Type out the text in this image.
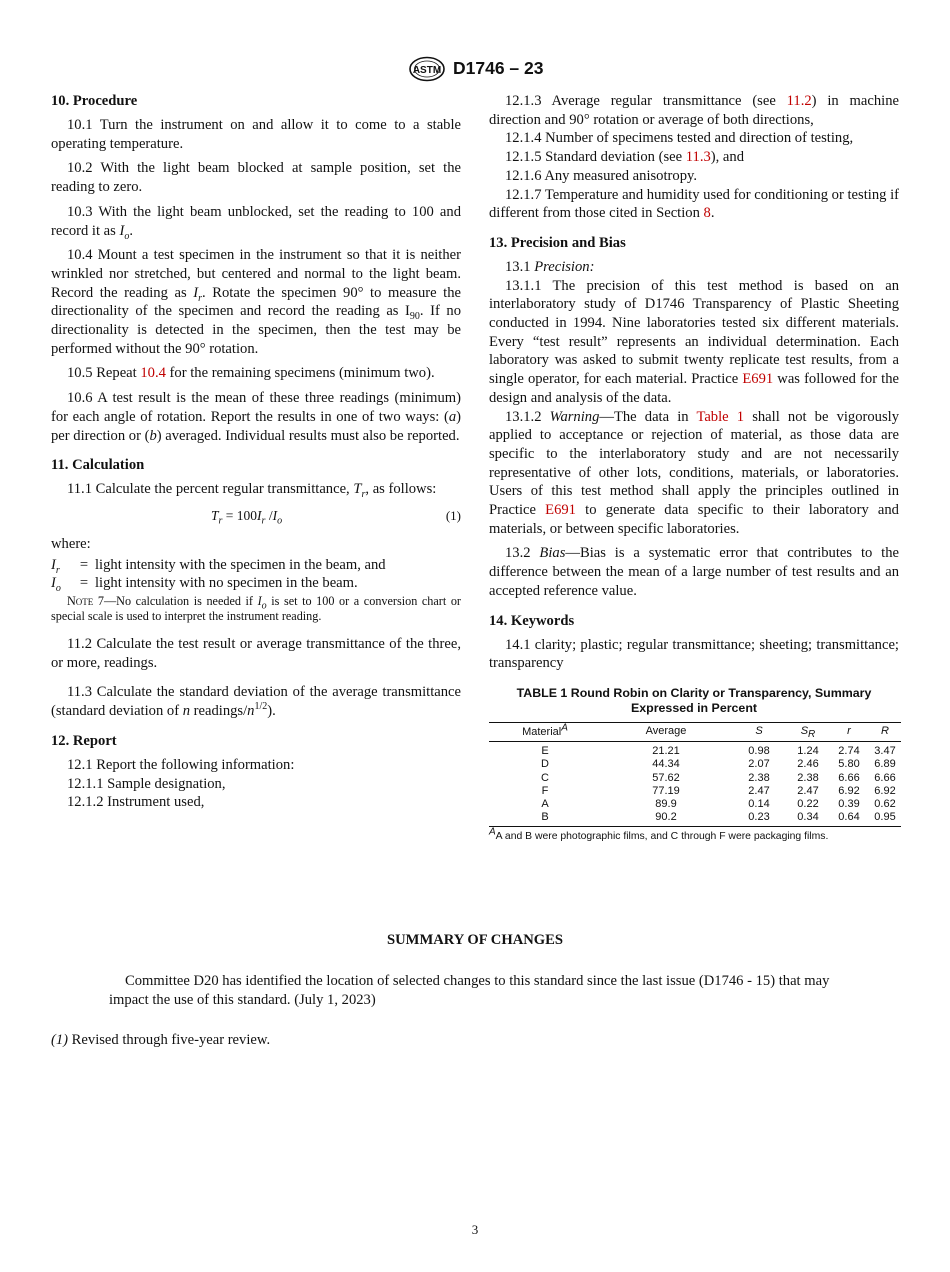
ASTM D1746 – 23
10. Procedure

10.1 Turn the instrument on and allow it to come to a stable operating temperature.

10.2 With the light beam blocked at sample position, set the reading to zero.

10.3 With the light beam unblocked, set the reading to 100 and record it as $I_o$.

10.4 Mount a test specimen in the instrument so that it is neither wrinkled nor stretched, but centered and normal to the light beam. Record the reading as $I_r$. Rotate the specimen 90° to measure the directionality of the specimen and record the reading as $I_{90}$. If no directionality is detected in the specimen, then the test may be performed without the 90° rotation.

10.5 Repeat 10.4 for the remaining specimens (minimum two).

10.6 A test result is the mean of these three readings (minimum) for each angle of rotation. Report the results in one of two ways: (a) per direction or (b) averaged. Individual results must also be reported.

11. Calculation

11.1 Calculate the percent regular transmittance, $T_r$, as follows:

$T_r = 100I_r$ $/I_o$	(1)

where:

$I_r$	= light intensity with the specimen in the beam, and
$I_o$	= light intensity with no specimen in the beam.

Note 7—No calculation is needed if $I_o$ is set to 100 or a conversion chart or special scale is used to interpret the instrument reading.

11.2 Calculate the test result or average transmittance of the three, or more, readings.

11.3 Calculate the standard deviation of the average transmittance (standard deviation of n readings/$n^{1/2}$).

12. Report

12.1 Report the following information:

12.1.1 Sample designation,

12.1.2 Instrument used,

12.1.3 Average regular transmittance (see 11.2) in machine direction and 90° rotation or average of both directions,

12.1.4 Number of specimens tested and direction of testing,

12.1.5 Standard deviation (see 11.3), and

12.1.6 Any measured anisotropy.

12.1.7 Temperature and humidity used for conditioning or testing if different from those cited in Section 8.

13. Precision and Bias

13.1 Precision:

13.1.1 The precision of this test method is based on an interlaboratory study of D1746 Transparency of Plastic Sheeting conducted in 1994. Nine laboratories tested six different materials. Every “test result” represents an individual determination. Each laboratory was asked to submit twenty replicate test results, from a single operator, for each material. Practice E691 was followed for the design and analysis of the data.

13.1.2 Warning—The data in Table 1 shall not be vigorously applied to acceptance or rejection of material, as those data are specific to the interlaboratory study and are not necessarily representative of other lots, conditions, materials, or laboratories. Users of this test method shall apply the principles outlined in Practice E691 to generate data specific to their laboratory and materials, or between specific laboratories.

13.2 Bias—Bias is a systematic error that contributes to the difference between the mean of a large number of test results and an accepted reference value.

14. Keywords

14.1 clarity; plastic; regular transmittance; sheeting; transmittance; transparency

TABLE 1 Round Robin on Clarity or Transparency, Summary
Expressed in Percent
Material$^A$	Average	S	$S_R$	r	R
E	21.21	0.98	1.24	2.74	3.47
D	44.34	2.07	2.46	5.80	6.89
C	57.62	2.38	2.38	6.66	6.66
F	77.19	2.47	2.47	6.92	6.92
A	89.9	0.14	0.22	0.39	0.62
B	90.2	0.23	0.34	0.64	0.95
$^A$A and B were photographic films, and C through F were packaging films.
SUMMARY OF CHANGES

Committee D20 has identified the location of selected changes to this standard since the last issue (D1746 - 15) that may impact the use of this standard. (July 1, 2023)

(1) Revised through five-year review.

3
